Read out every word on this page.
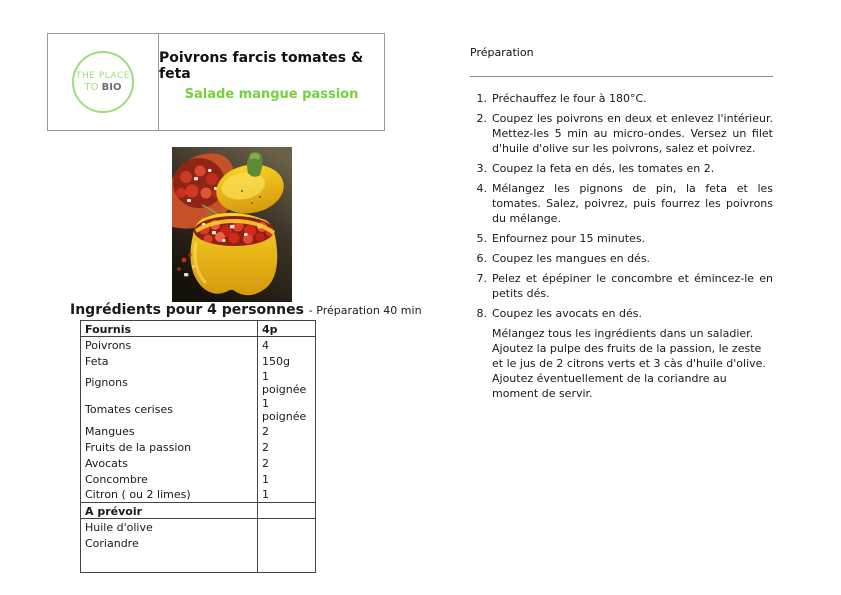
THE PLACE
TO BIO
Poivrons farcis tomates & feta
Salade mangue passion
Ingrédients pour 4 personnes - Préparation 40 min
Fournis	4p
Poivrons	4
Feta	150g
Pignons	1 poignée
Tomates cerises	1 poignée
Mangues	2
Fruits de la passion	2
Avocats	2
Concombre	1
Citron ( ou 2 limes)	1
A prévoir	
Huile d'olive	
Coriandre	

Préparation
1. Préchauffez le four à 180°C.
2. Coupez les poivrons en deux et enlevez l'intérieur. Mettez-les 5 min au micro-ondes. Versez un filet d'huile d'olive sur les poivrons, salez et poivrez.
3. Coupez la feta en dés, les tomates en 2.
4. Mélangez les pignons de pin, la feta et les tomates. Salez, poivrez, puis fourrez les poivrons du mélange.
5. Enfournez pour 15 minutes.
6. Coupez les mangues en dés.
7. Pelez et épépiner le concombre et émincez-le en petits dés.
8. Coupez les avocats en dés.

Mélangez tous les ingrédients dans un saladier. Ajoutez la pulpe des fruits de la passion, le zeste et le jus de 2 citrons verts et 3 càs d'huile d'olive. Ajoutez éventuellement de la coriandre au moment de servir.
